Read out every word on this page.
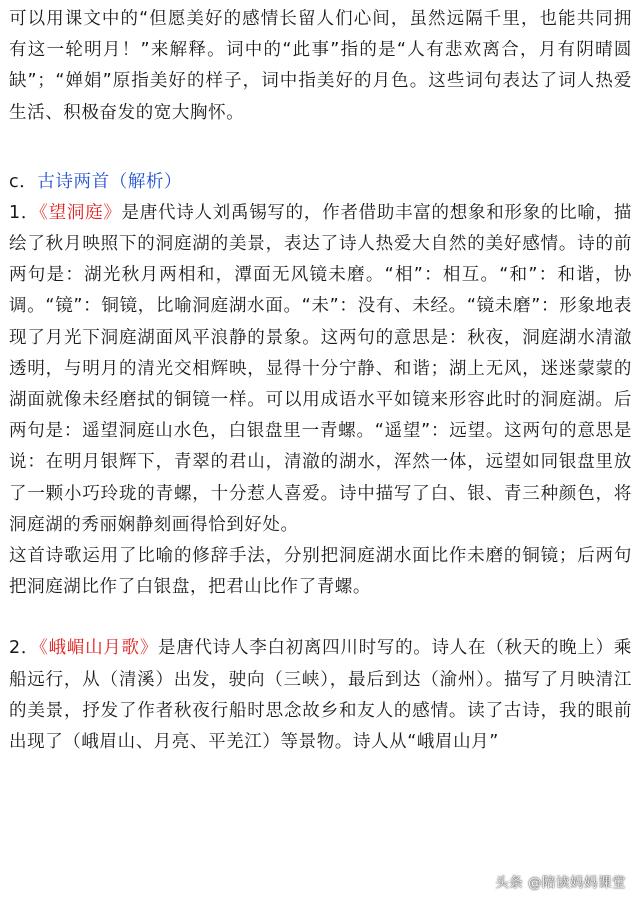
可以用课文中的“但愿美好的感情长留人们心间，虽然远隔千里，也能共同拥有这一轮明月！”来解释。词中的“此事”指的是“人有悲欢离合，月有阴晴圆缺”；“婵娟”原指美好的样子，词中指美好的月色。这些词句表达了词人热爱生活、积极奋发的宽大胸怀。

c．古诗两首（解析）

1．《望洞庭》是唐代诗人刘禹锡写的，作者借助丰富的想象和形象的比喻，描绘了秋月映照下的洞庭湖的美景，表达了诗人热爱大自然的美好感情。诗的前两句是：湖光秋月两相和，潭面无风镜未磨。“相”：相互。“和”：和谐，协调。“镜”：铜镜，比喻洞庭湖水面。“未”：没有、未经。“镜未磨”：形象地表现了月光下洞庭湖面风平浪静的景象。这两句的意思是：秋夜，洞庭湖水清澈透明，与明月的清光交相辉映，显得十分宁静、和谐；湖上无风，迷迷蒙蒙的湖面就像未经磨拭的铜镜一样。可以用成语水平如镜来形容此时的洞庭湖。后两句是：遥望洞庭山水色，白银盘里一青螺。“遥望”：远望。这两句的意思是说：在明月银辉下，青翠的君山，清澈的湖水，浑然一体，远望如同银盘里放了一颗小巧玲珑的青螺，十分惹人喜爱。诗中描写了白、银、青三种颜色，将洞庭湖的秀丽娴静刻画得恰到好处。
这首诗歌运用了比喻的修辞手法，分别把洞庭湖水面比作未磨的铜镜；后两句把洞庭湖比作了白银盘，把君山比作了青螺。

2．《峨嵋山月歌》是唐代诗人李白初离四川时写的。诗人在（秋天的晚上）乘船远行，从（清溪）出发，驶向（三峡），最后到达（渝州）。描写了月映清江的美景，抒发了作者秋夜行船时思念故乡和友人的感情。读了古诗，我的眼前出现了（峨眉山、月亮、平羌江）等景物。诗人从“峨眉山月”

头条 @陪读妈妈课堂
